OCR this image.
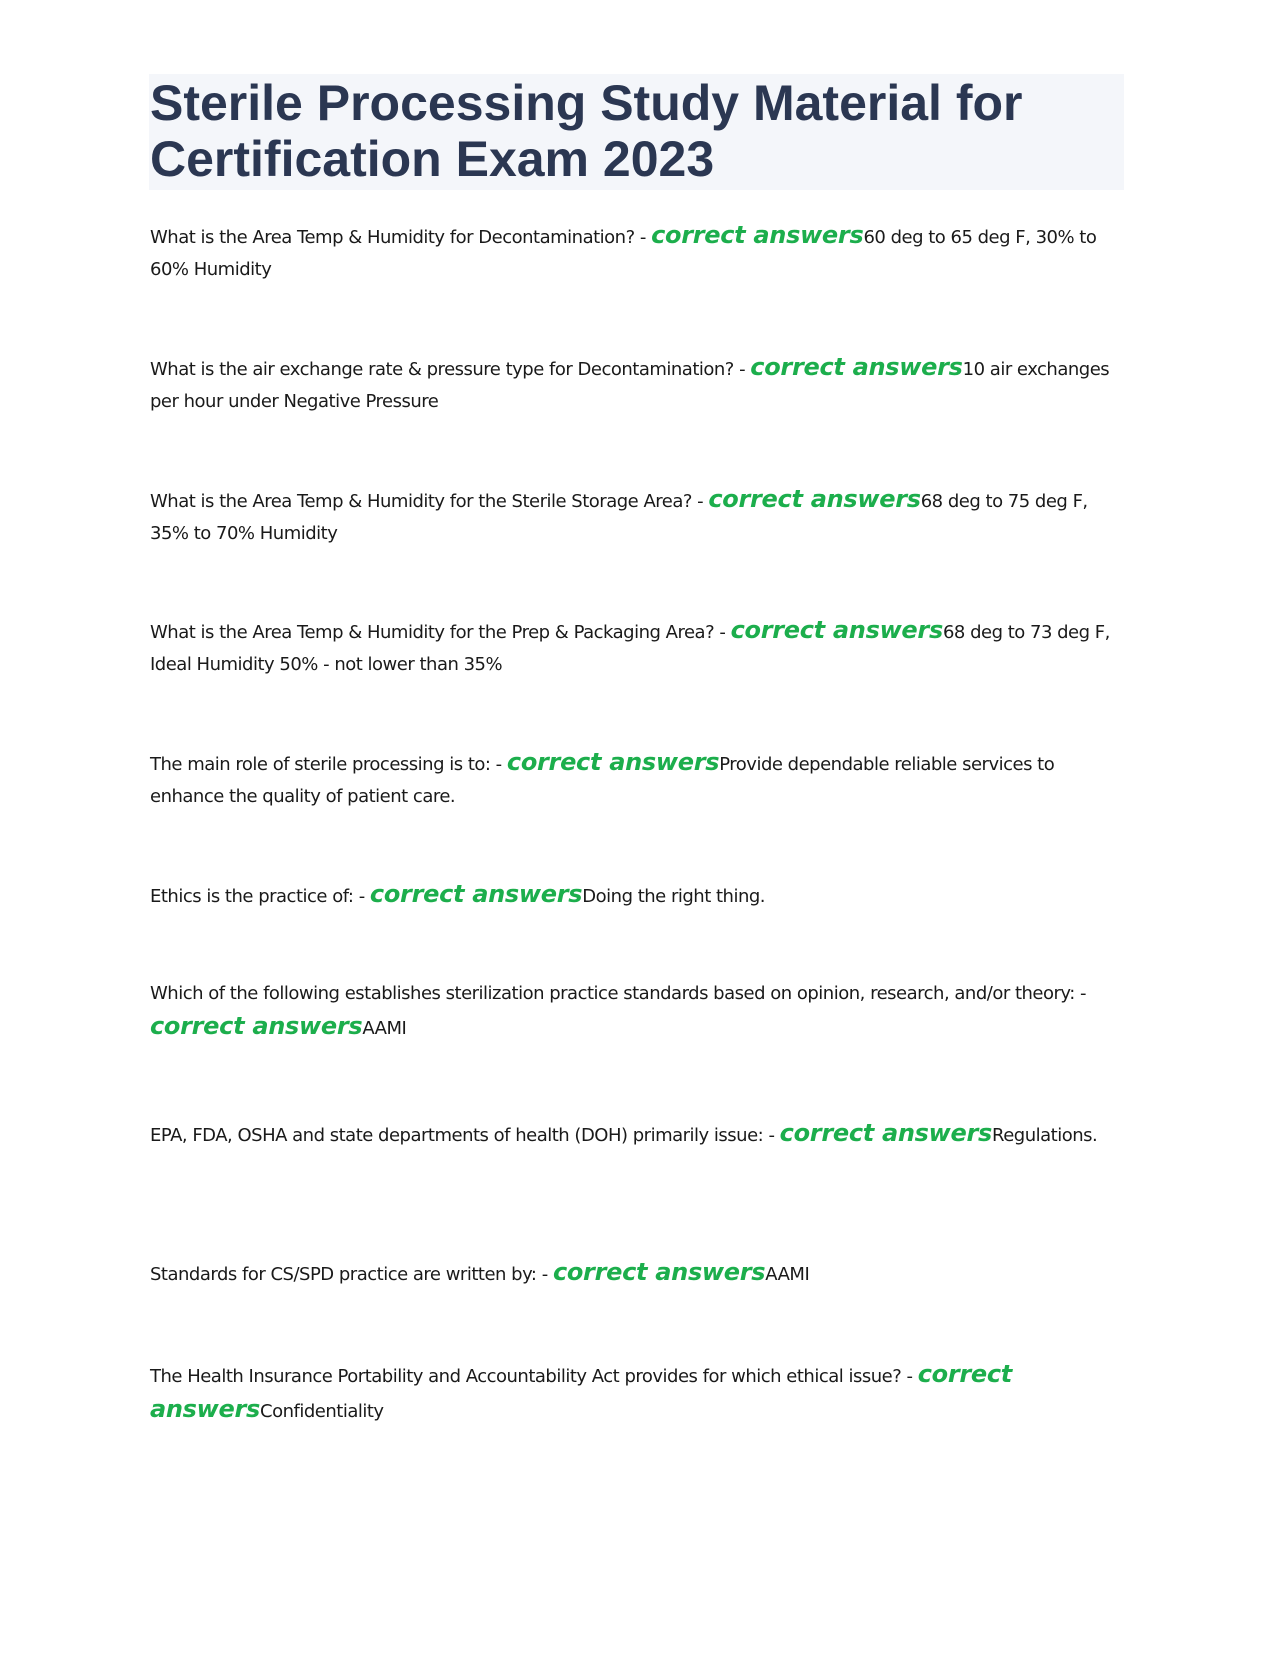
Sterile Processing Study Material for Certification Exam 2023

What is the Area Temp & Humidity for Decontamination? - correct answers60 deg to 65 deg F, 30% to 60% Humidity

What is the air exchange rate & pressure type for Decontamination? - correct answers10 air exchanges per hour under Negative Pressure

What is the Area Temp & Humidity for the Sterile Storage Area? - correct answers68 deg to 75 deg F, 35% to 70% Humidity

What is the Area Temp & Humidity for the Prep & Packaging Area? - correct answers68 deg to 73 deg F, Ideal Humidity 50% - not lower than 35%

The main role of sterile processing is to: - correct answersProvide dependable reliable services to enhance the quality of patient care.

Ethics is the practice of: - correct answersDoing the right thing.

Which of the following establishes sterilization practice standards based on opinion, research, and/or theory: - correct answersAAMI

EPA, FDA, OSHA and state departments of health (DOH) primarily issue: - correct answersRegulations.

Standards for CS/SPD practice are written by: - correct answersAAMI

The Health Insurance Portability and Accountability Act provides for which ethical issue? - correct answersConfidentiality
